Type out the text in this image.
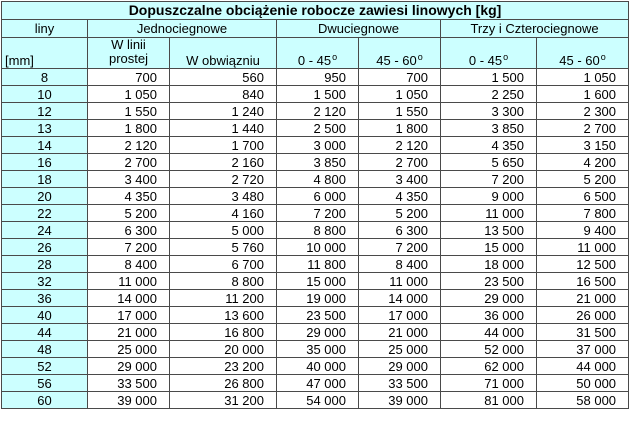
Dopuszczalne obciążenie robocze zawiesi linowych [kg]						
liny	Jednociegnowe		Dwuciegnowe		Trzy i Czterociegnowe	
[mm]	W linii prostej	W obwiązniu	0 - 45$^o$	45 - 60$^o$	0 - 45$^o$	45 - 60$^o$
8	700	560	950	700	1 500	1 050
10	1 050	840	1 500	1 050	2 250	1 600
12	1 550	1 240	2 120	1 550	3 300	2 300
13	1 800	1 440	2 500	1 800	3 850	2 700
14	2 120	1 700	3 000	2 120	4 350	3 150
16	2 700	2 160	3 850	2 700	5 650	4 200
18	3 400	2 720	4 800	3 400	7 200	5 200
20	4 350	3 480	6 000	4 350	9 000	6 500
22	5 200	4 160	7 200	5 200	11 000	7 800
24	6 300	5 000	8 800	6 300	13 500	9 400
26	7 200	5 760	10 000	7 200	15 000	11 000
28	8 400	6 700	11 800	8 400	18 000	12 500
32	11 000	8 800	15 000	11 000	23 500	16 500
36	14 000	11 200	19 000	14 000	29 000	21 000
40	17 000	13 600	23 500	17 000	36 000	26 000
44	21 000	16 800	29 000	21 000	44 000	31 500
48	25 000	20 000	35 000	25 000	52 000	37 000
52	29 000	23 200	40 000	29 000	62 000	44 000
56	33 500	26 800	47 000	33 500	71 000	50 000
60	39 000	31 200	54 000	39 000	81 000	58 000
